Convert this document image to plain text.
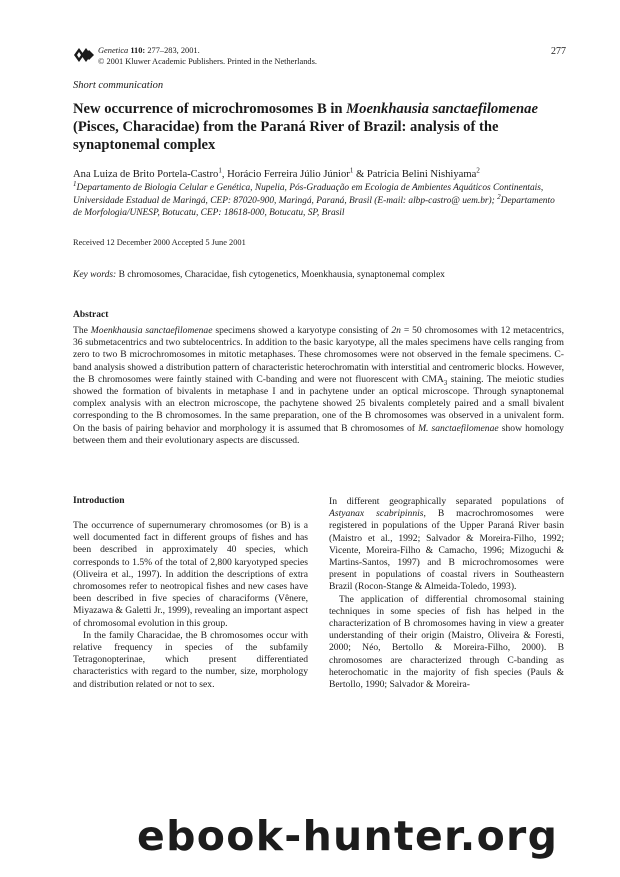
Genetica 110: 277–283, 2001.
© 2001 Kluwer Academic Publishers. Printed in the Netherlands.
277
Short communication
New occurrence of microchromosomes B in Moenkhausia sanctaefilomenae (Pisces, Characidae) from the Paraná River of Brazil: analysis of the synaptonemal complex
Ana Luiza de Brito Portela-Castro$^1$, Horácio Ferreira Júlio Júnior$^1$ & Patrícia Belini Nishiyama$^2$
$^1$Departamento de Biologia Celular e Genética, Nupelia, Pós-Graduação em Ecologia de Ambientes Aquáticos Continentais, Universidade Estadual de Maringá, CEP: 87020-900, Maringá, Paraná, Brasil (E-mail: albp-castro@ uem.br); $^2$Departamento de Morfologia/UNESP, Botucatu, CEP: 18618-000, Botucatu, SP, Brasil
Received 12 December 2000 Accepted 5 June 2001
Key words: B chromosomes, Characidae, fish cytogenetics, Moenkhausia, synaptonemal complex
Abstract
The Moenkhausia sanctaefilomenae specimens showed a karyotype consisting of 2n = 50 chromosomes with 12 metacentrics, 36 submetacentrics and two subtelocentrics. In addition to the basic karyotype, all the males specimens have cells ranging from zero to two B microchromosomes in mitotic metaphases. These chromosomes were not observed in the female specimens. C-band analysis showed a distribution pattern of characteristic heterochromatin with interstitial and centromeric blocks. However, the B chromosomes were faintly stained with C-banding and were not fluorescent with $CMA_3$ staining. The meiotic studies showed the formation of bivalents in metaphase I and in pachytene under an optical microscope. Through synaptonemal complex analysis with an electron microscope, the pachytene showed 25 bivalents completely paired and a small bivalent corresponding to the B chromosomes. In the same preparation, one of the B chromosomes was observed in a univalent form. On the basis of pairing behavior and morphology it is assumed that B chromosomes of M. sanctaefilomenae show homology between them and their evolutionary aspects are discussed.
Introduction

The occurrence of supernumerary chromosomes (or B) is a well documented fact in different groups of fishes and has been described in approximately 40 species, which corresponds to 1.5% of the total of 2,800 karyotyped species (Oliveira et al., 1997). In addition the descriptions of extra chromosomes refer to neotropical fishes and new cases have been described in five species of characiforms (Vênere, Miyazawa & Galetti Jr., 1999), revealing an important aspect of chromosomal evolution in this group.

In the family Characidae, the B chromosomes occur with relative frequency in species of the subfamily Tetragonopterinae, which present differentiated characteristics with regard to the number, size, morphology and distribution related or not to sex.

In different geographically separated populations of Astyanax scabripinnis, B macrochromosomes were registered in populations of the Upper Paraná River basin (Maistro et al., 1992; Salvador & Moreira-Filho, 1992; Vicente, Moreira-Filho & Camacho, 1996; Mizoguchi & Martins-Santos, 1997) and B microchromosomes were present in populations of coastal rivers in Southeastern Brazil (Rocon-Stange & Almeida-Toledo, 1993).

The application of differential chromosomal staining techniques in some species of fish has helped in the characterization of B chromosomes having in view a greater understanding of their origin (Maistro, Oliveira & Foresti, 2000; Néo, Bertollo & Moreira-Filho, 2000). B chromosomes are characterized through C-banding as heterochomatic in the majority of fish species (Pauls & Bertollo, 1990; Salvador & Moreira-

ebook-hunter.org
